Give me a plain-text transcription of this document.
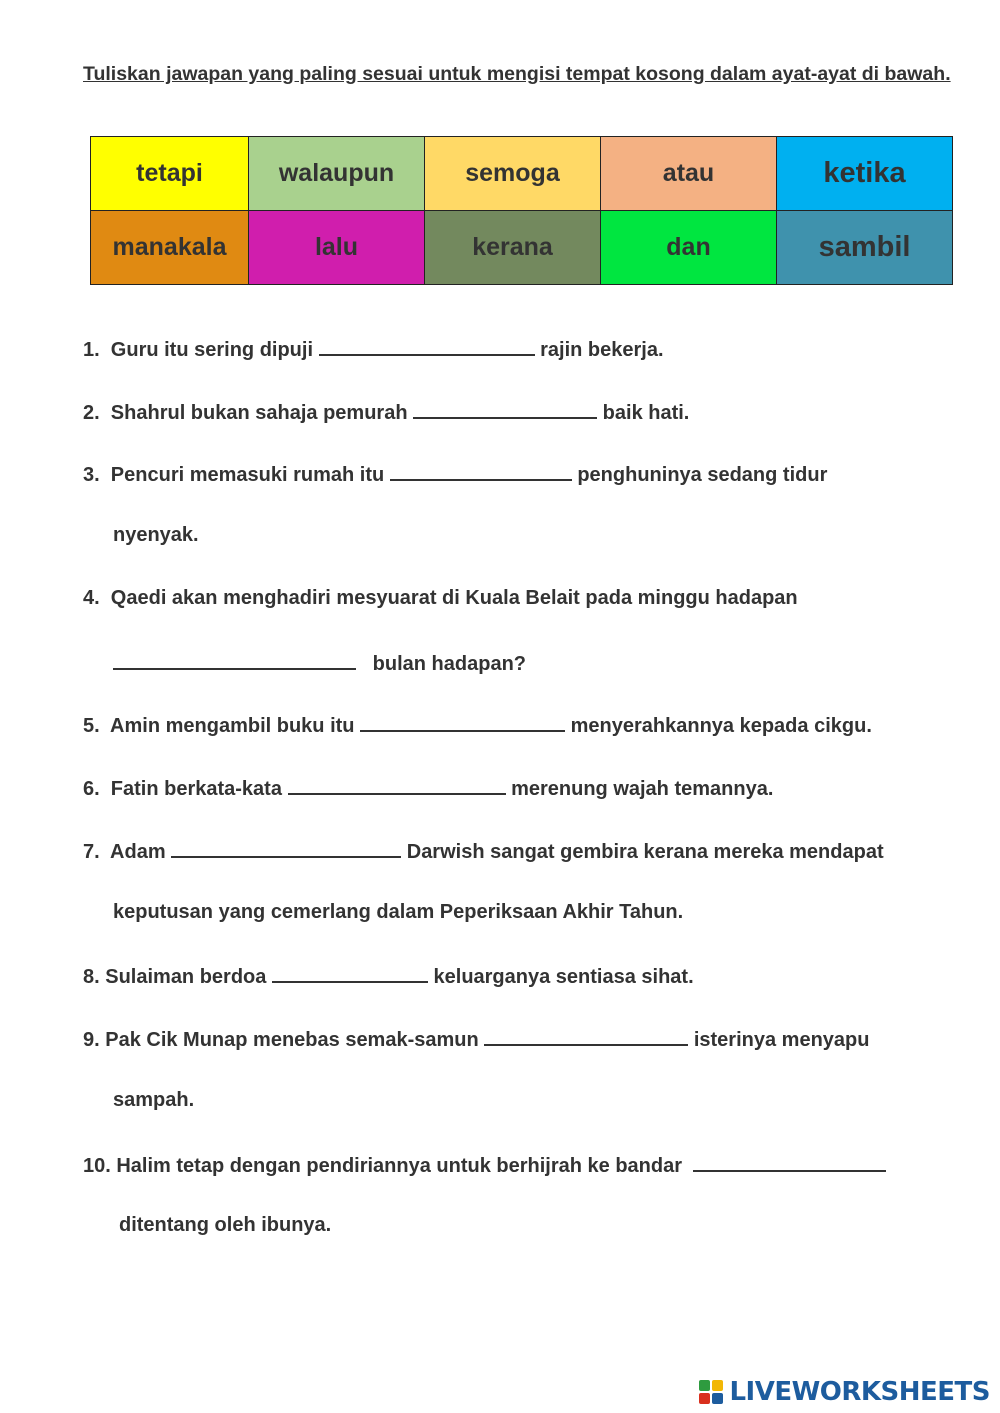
Tuliskan jawapan yang paling sesuai untuk mengisi tempat kosong dalam ayat-ayat di bawah.
tetapi	walaupun	semoga	atau	ketika
manakala	lalu	kerana	dan	sambil
1.  Guru itu sering dipuji	rajin bekerja.
2.  Shahrul bukan sahaja pemurah	baik hati.
3.  Pencuri memasuki rumah itu	penghuninya sedang tidur
nyenyak.
4.  Qaedi akan menghadiri mesyuarat di Kuala Belait pada minggu hadapan
bulan hadapan?
5.  Amin mengambil buku itu	menyerahkannya kepada cikgu.
6.  Fatin berkata-kata	merenung wajah temannya.
7.  Adam	Darwish sangat gembira kerana mereka mendapat
keputusan yang cemerlang dalam Peperiksaan Akhir Tahun.
8. Sulaiman berdoa	keluarganya sentiasa sihat.
9. Pak Cik Munap menebas semak-samun	isterinya menyapu
sampah.
10. Halim tetap dengan pendiriannya untuk berhijrah ke bandar
ditentang oleh ibunya.
LIVEWORKSHEETS
